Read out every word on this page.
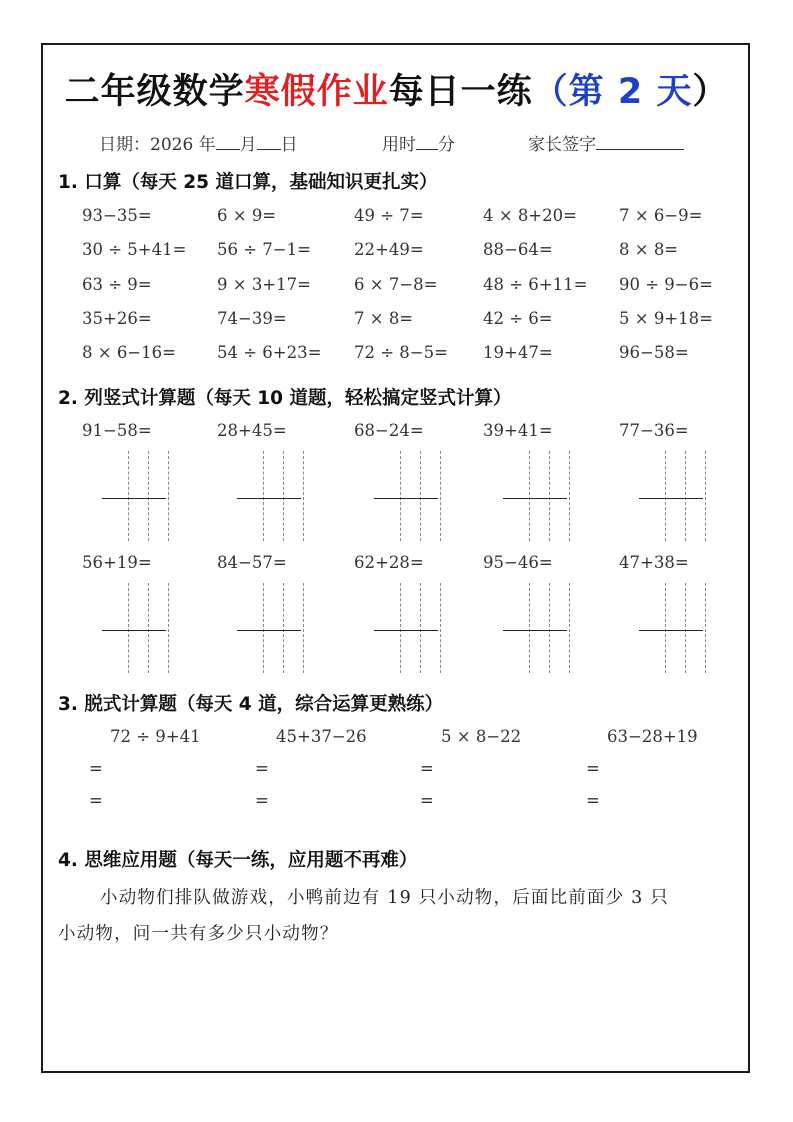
二年级数学寒假作业每日一练（第 2 天）
日期：2026 年 月 日	用时 分	家长签字
1. 口算（每天 25 道口算，基础知识更扎实）
2. 列竖式计算题（每天 10 道题，轻松搞定竖式计算）
3. 脱式计算题（每天 4 道，综合运算更熟练）
4. 思维应用题（每天一练，应用题不再难）
93−35=	6 × 9=	49 ÷ 7=	4 × 8+20=	7 × 6−9=
30 ÷ 5+41= 56 ÷ 7−1=	22+49=	88−64=	8 × 8=
63 ÷ 9=	9 × 3+17=	6 × 7−8=	48 ÷ 6+11= 90 ÷ 9−6=
35+26=	74−39=	7 × 8=	42 ÷ 6=	5 × 9+18=
8 × 6−16= 54 ÷ 6+23= 72 ÷ 8−5= 19+47=	96−58=
91−58=	28+45=	68−24=	39+41=	77−36=
56+19=	84−57=	62+28=	95−46=	47+38=
72 ÷ 9+41
=
=
45+37−26
=
=
5 × 8−22
=
=
63−28+19
=
=
小动物们排队做游戏，小鸭前边有 19 只小动物，后面比前面少 3 只
小动物，问一共有多少只小动物？
